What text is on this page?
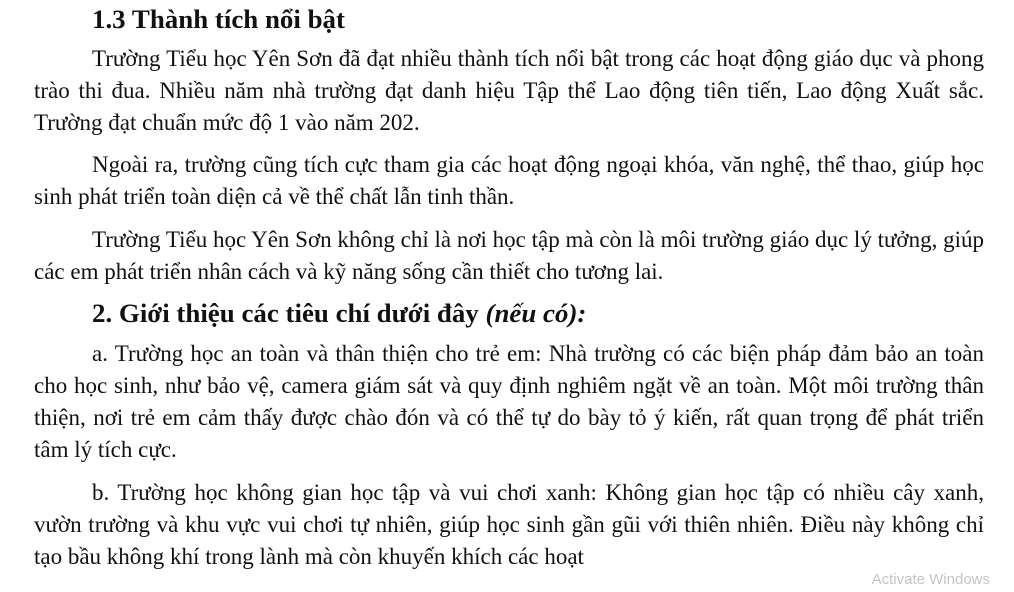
1.3 Thành tích nổi bật

Trường Tiểu học Yên Sơn đã đạt nhiều thành tích nổi bật trong các hoạt động giáo dục và phong trào thi đua. Nhiều năm nhà trường đạt danh hiệu Tập thể Lao động tiên tiến, Lao động Xuất sắc. Trường đạt chuẩn mức độ 1 vào năm 202.

Ngoài ra, trường cũng tích cực tham gia các hoạt động ngoại khóa, văn nghệ, thể thao, giúp học sinh phát triển toàn diện cả về thể chất lẫn tinh thần.

Trường Tiểu học Yên Sơn không chỉ là nơi học tập mà còn là môi trường giáo dục lý tưởng, giúp các em phát triển nhân cách và kỹ năng sống cần thiết cho tương lai.

2. Giới thiệu các tiêu chí dưới đây (nếu có):

a. Trường học an toàn và thân thiện cho trẻ em: Nhà trường có các biện pháp đảm bảo an toàn cho học sinh, như bảo vệ, camera giám sát và quy định nghiêm ngặt về an toàn. Một môi trường thân thiện, nơi trẻ em cảm thấy được chào đón và có thể tự do bày tỏ ý kiến, rất quan trọng để phát triển tâm lý tích cực.

b. Trường học không gian học tập và vui chơi xanh: Không gian học tập có nhiều cây xanh, vườn trường và khu vực vui chơi tự nhiên, giúp học sinh gần gũi với thiên nhiên. Điều này không chỉ tạo bầu không khí trong lành mà còn khuyến khích các hoạt

Activate Windows
